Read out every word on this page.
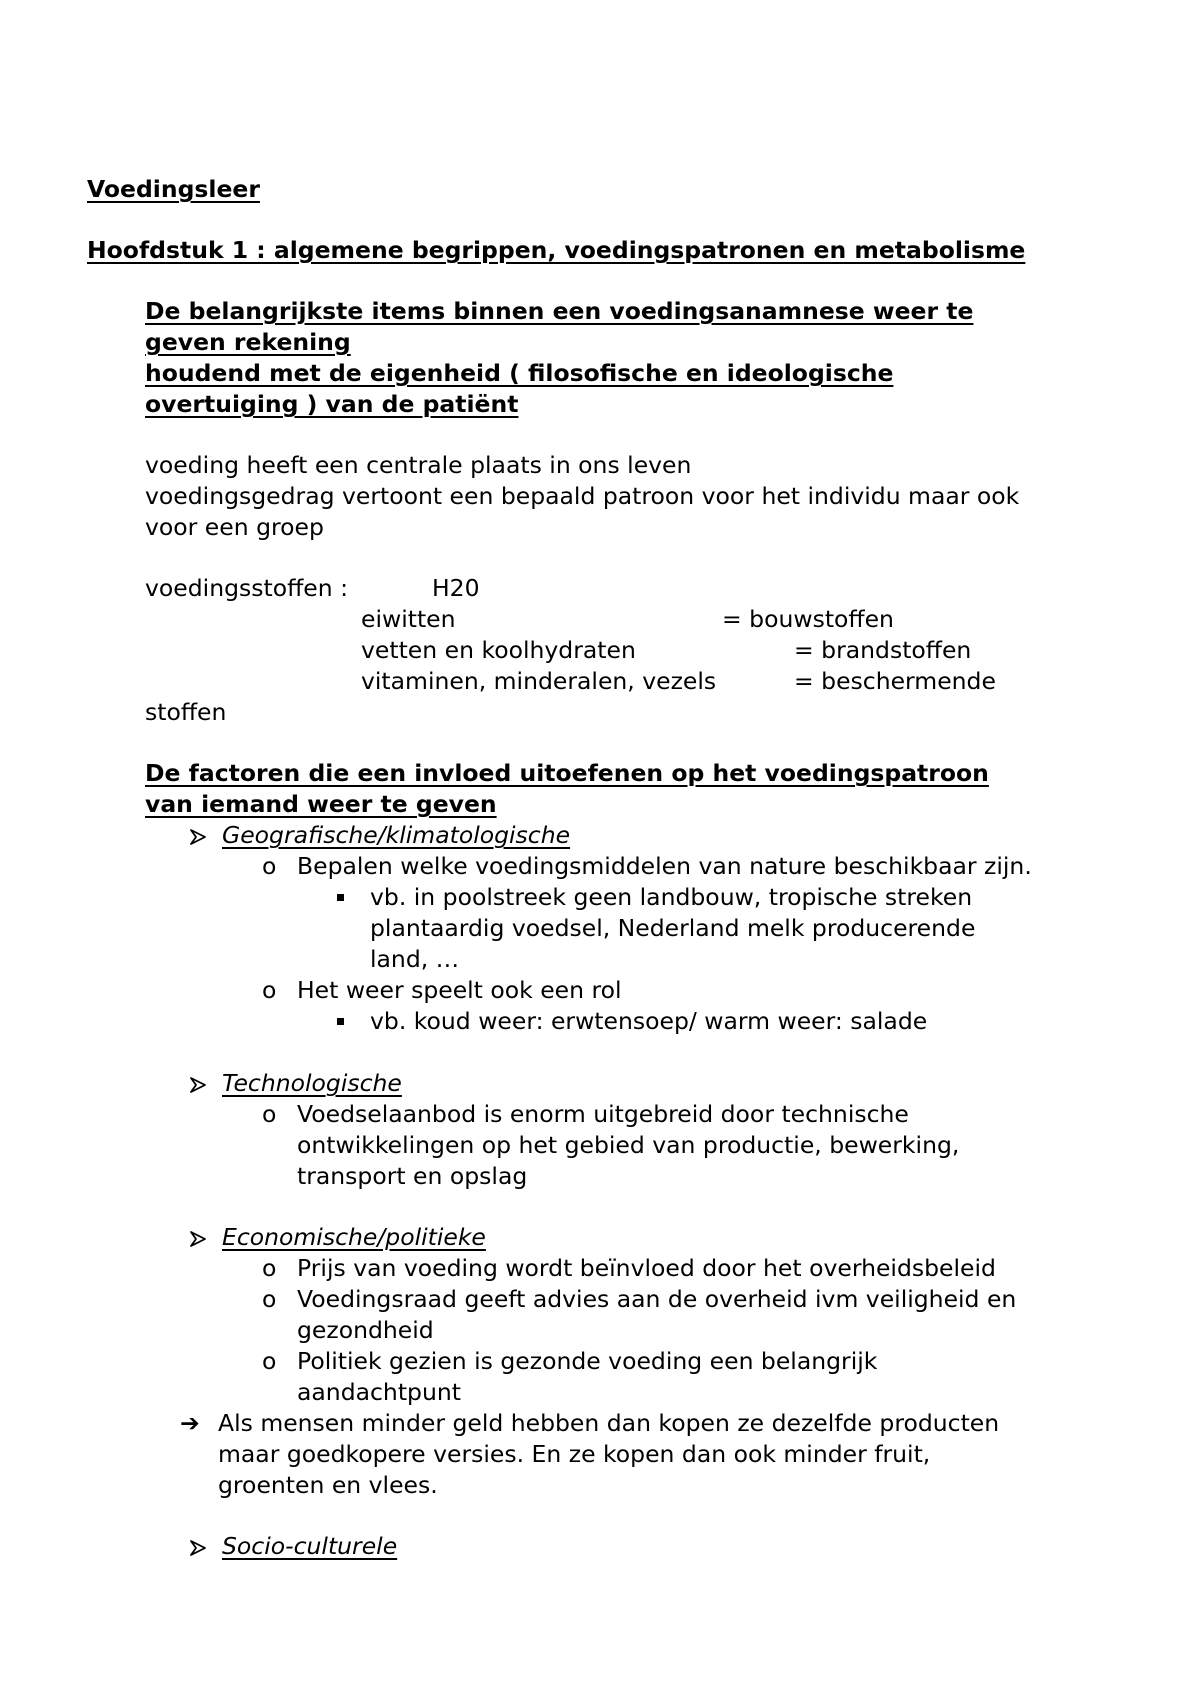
Voedingsleer

Hoofdstuk 1 : algemene begrippen, voedingspatronen en metabolisme

De belangrijkste items binnen een voedingsanamnese weer te

geven rekening

houdend met de eigenheid ( filosofische en ideologische

overtuiging ) van de patiënt

voeding heeft een centrale plaats in ons leven

voedingsgedrag vertoont een bepaald patroon voor het individu maar ook

voor een groep

voedingsstoffen :	H20

eiwitten	= bouwstoffen

vetten en koolhydraten	= brandstoffen

vitaminen, minderalen, vezels	= beschermende

stoffen

De factoren die een invloed uitoefenen op het voedingspatroon

van iemand weer te geven

Geografische/klimatologische

o Bepalen welke voedingsmiddelen van nature beschikbaar zijn.

vb. in poolstreek geen landbouw, tropische streken

plantaardig voedsel, Nederland melk producerende

land, …

o Het weer speelt ook een rol

vb. koud weer: erwtensoep/ warm weer: salade

Technologische

o Voedselaanbod is enorm uitgebreid door technische

ontwikkelingen op het gebied van productie, bewerking,

transport en opslag

Economische/politieke

o Prijs van voeding wordt beïnvloed door het overheidsbeleid

o Voedingsraad geeft advies aan de overheid ivm veiligheid en

gezondheid

o Politiek gezien is gezonde voeding een belangrijk

aandachtpunt

➔ Als mensen minder geld hebben dan kopen ze dezelfde producten

maar goedkopere versies. En ze kopen dan ook minder fruit,

groenten en vlees.

Socio-culturele
